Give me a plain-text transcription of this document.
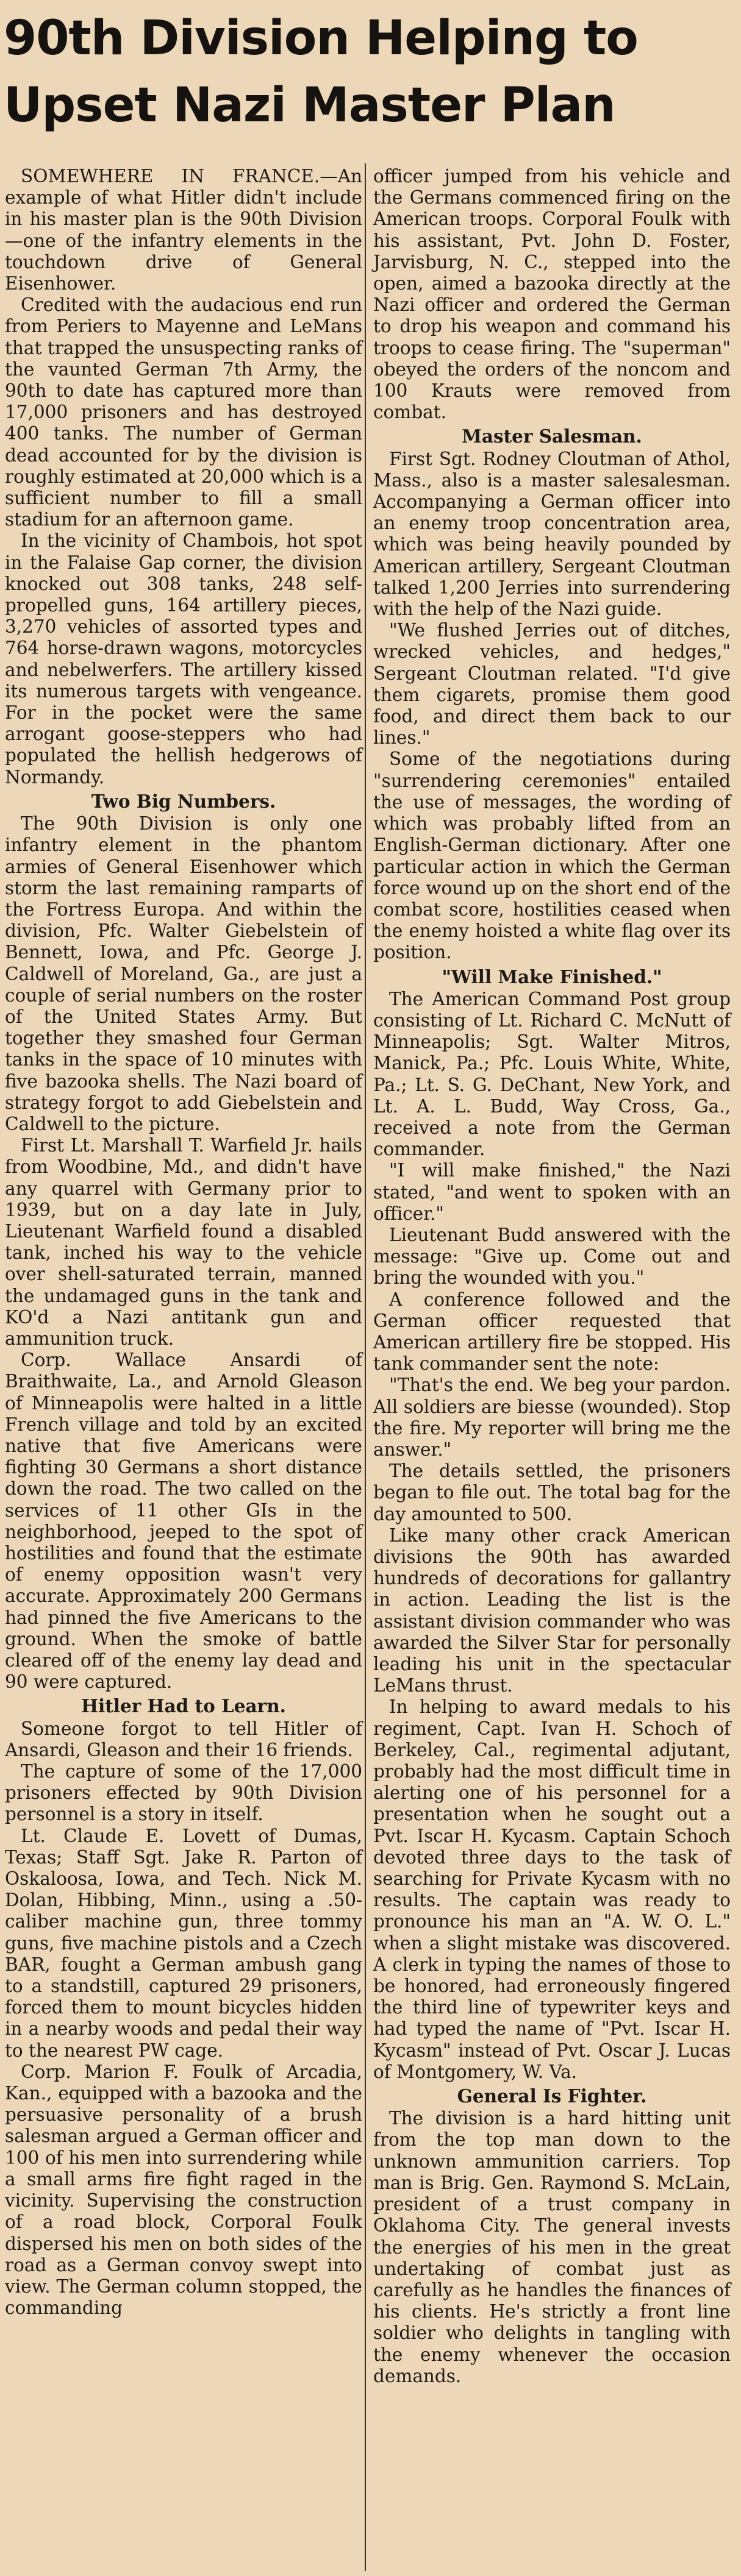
90th Division Helping to Upset Nazi Master Plan

SOMEWHERE IN FRANCE.—An example of what Hitler didn't include in his master plan is the 90th Division—one of the infantry elements in the touchdown drive of General Eisenhower.

Credited with the audacious end run from Periers to Mayenne and LeMans that trapped the unsuspecting ranks of the vaunted German 7th Army, the 90th to date has captured more than 17,000 prisoners and has destroyed 400 tanks. The number of German dead accounted for by the division is roughly estimated at 20,000 which is a sufficient number to fill a small stadium for an afternoon game.

In the vicinity of Chambois, hot spot in the Falaise Gap corner, the division knocked out 308 tanks, 248 self-propelled guns, 164 artillery pieces, 3,270 vehicles of assorted types and 764 horse-drawn wagons, motorcycles and nebelwerfers. The artillery kissed its numerous targets with vengeance. For in the pocket were the same arrogant goose-steppers who had populated the hellish hedgerows of Normandy.

Two Big Numbers.

The 90th Division is only one infantry element in the phantom armies of General Eisenhower which storm the last remaining ramparts of the Fortress Europa. And within the division, Pfc. Walter Giebelstein of Bennett, Iowa, and Pfc. George J. Caldwell of Moreland, Ga., are just a couple of serial numbers on the roster of the United States Army. But together they smashed four German tanks in the space of 10 minutes with five bazooka shells. The Nazi board of strategy forgot to add Giebelstein and Caldwell to the picture.

First Lt. Marshall T. Warfield Jr. hails from Woodbine, Md., and didn't have any quarrel with Germany prior to 1939, but on a day late in July, Lieutenant Warfield found a disabled tank, inched his way to the vehicle over shell-saturated terrain, manned the undamaged guns in the tank and KO'd a Nazi antitank gun and ammunition truck.

Corp. Wallace Ansardi of Braithwaite, La., and Arnold Gleason of Minneapolis were halted in a little French village and told by an excited native that five Americans were fighting 30 Germans a short distance down the road. The two called on the services of 11 other GIs in the neighborhood, jeeped to the spot of hostilities and found that the estimate of enemy opposition wasn't very accurate. Approximately 200 Germans had pinned the five Americans to the ground. When the smoke of battle cleared off of the enemy lay dead and 90 were captured.

Hitler Had to Learn.

Someone forgot to tell Hitler of Ansardi, Gleason and their 16 friends.

The capture of some of the 17,000 prisoners effected by 90th Division personnel is a story in itself.

Lt. Claude E. Lovett of Dumas, Texas; Staff Sgt. Jake R. Parton of Oskaloosa, Iowa, and Tech. Nick M. Dolan, Hibbing, Minn., using a .50-caliber machine gun, three tommy guns, five machine pistols and a Czech BAR, fought a German ambush gang to a standstill, captured 29 prisoners, forced them to mount bicycles hidden in a nearby woods and pedal their way to the nearest PW cage.

Corp. Marion F. Foulk of Arcadia, Kan., equipped with a bazooka and the persuasive personality of a brush salesman argued a German officer and 100 of his men into surrendering while a small arms fire fight raged in the vicinity. Supervising the construction of a road block, Corporal Foulk dispersed his men on both sides of the road as a German convoy swept into view. The German column stopped, the commanding

officer jumped from his vehicle and the Germans commenced firing on the American troops. Corporal Foulk with his assistant, Pvt. John D. Foster, Jarvisburg, N. C., stepped into the open, aimed a bazooka directly at the Nazi officer and ordered the German to drop his weapon and command his troops to cease firing. The "superman" obeyed the orders of the noncom and 100 Krauts were removed from combat.

Master Salesman.

First Sgt. Rodney Cloutman of Athol, Mass., also is a master salesalesman. Accompanying a German officer into an enemy troop concentration area, which was being heavily pounded by American artillery, Sergeant Cloutman talked 1,200 Jerries into surrendering with the help of the Nazi guide.

"We flushed Jerries out of ditches, wrecked vehicles, and hedges," Sergeant Cloutman related. "I'd give them cigarets, promise them good food, and direct them back to our lines."

Some of the negotiations during "surrendering ceremonies" entailed the use of messages, the wording of which was probably lifted from an English-German dictionary. After one particular action in which the German force wound up on the short end of the combat score, hostilities ceased when the enemy hoisted a white flag over its position.

"Will Make Finished."

The American Command Post group consisting of Lt. Richard C. McNutt of Minneapolis; Sgt. Walter Mitros, Manick, Pa.; Pfc. Louis White, White, Pa.; Lt. S. G. DeChant, New York, and Lt. A. L. Budd, Way Cross, Ga., received a note from the German commander.

"I will make finished," the Nazi stated, "and went to spoken with an officer."

Lieutenant Budd answered with the message: "Give up. Come out and bring the wounded with you."

A conference followed and the German officer requested that American artillery fire be stopped. His tank commander sent the note:

"That's the end. We beg your pardon. All soldiers are biesse (wounded). Stop the fire. My reporter will bring me the answer."

The details settled, the prisoners began to file out. The total bag for the day amounted to 500.

Like many other crack American divisions the 90th has awarded hundreds of decorations for gallantry in action. Leading the list is the assistant division commander who was awarded the Silver Star for personally leading his unit in the spectacular LeMans thrust.

In helping to award medals to his regiment, Capt. Ivan H. Schoch of Berkeley, Cal., regimental adjutant, probably had the most difficult time in alerting one of his personnel for a presentation when he sought out a Pvt. Iscar H. Kycasm. Captain Schoch devoted three days to the task of searching for Private Kycasm with no results. The captain was ready to pronounce his man an "A. W. O. L." when a slight mistake was discovered. A clerk in typing the names of those to be honored, had erroneously fingered the third line of typewriter keys and had typed the name of "Pvt. Iscar H. Kycasm" instead of Pvt. Oscar J. Lucas of Montgomery, W. Va.

General Is Fighter.

The division is a hard hitting unit from the top man down to the unknown ammunition carriers. Top man is Brig. Gen. Raymond S. McLain, president of a trust company in Oklahoma City. The general invests the energies of his men in the great undertaking of combat just as carefully as he handles the finances of his clients. He's strictly a front line soldier who delights in tangling with the enemy whenever the occasion demands.
